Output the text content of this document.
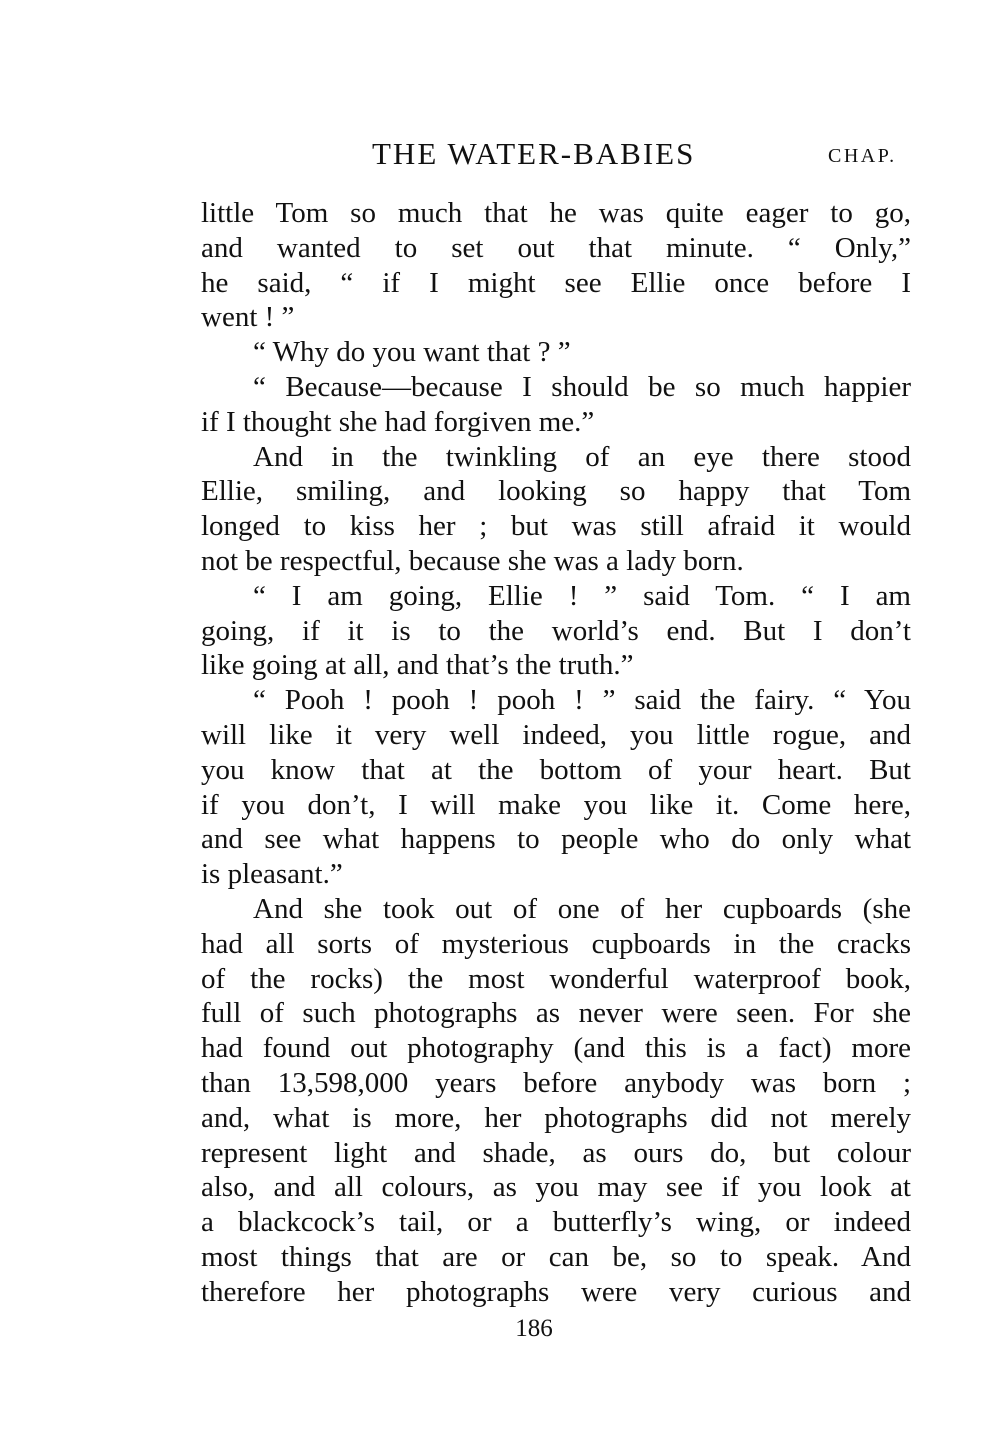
THE WATER-BABIES	CHAP.
little Tom so much that he was quite eager to go,
and wanted to set out that minute. “ Only,”
he said, “ if I might see Ellie once before I
went ! ”
“ Why do you want that ? ”
“ Because—because I should be so much happier
if I thought she had forgiven me.”
And in the twinkling of an eye there stood
Ellie, smiling, and looking so happy that Tom
longed to kiss her ; but was still afraid it would
not be respectful, because she was a lady born.
“ I am going, Ellie ! ” said Tom. “ I am
going, if it is to the world’s end. But I don’t
like going at all, and that’s the truth.”
“ Pooh ! pooh ! pooh ! ” said the fairy. “ You
will like it very well indeed, you little rogue, and
you know that at the bottom of your heart. But
if you don’t, I will make you like it. Come here,
and see what happens to people who do only what
is pleasant.”
And she took out of one of her cupboards (she
had all sorts of mysterious cupboards in the cracks
of the rocks) the most wonderful waterproof book,
full of such photographs as never were seen. For she
had found out photography (and this is a fact) more
than 13,598,000 years before anybody was born ;
and, what is more, her photographs did not merely
represent light and shade, as ours do, but colour
also, and all colours, as you may see if you look at
a blackcock’s tail, or a butterfly’s wing, or indeed
most things that are or can be, so to speak. And
therefore her photographs were very curious and
186
